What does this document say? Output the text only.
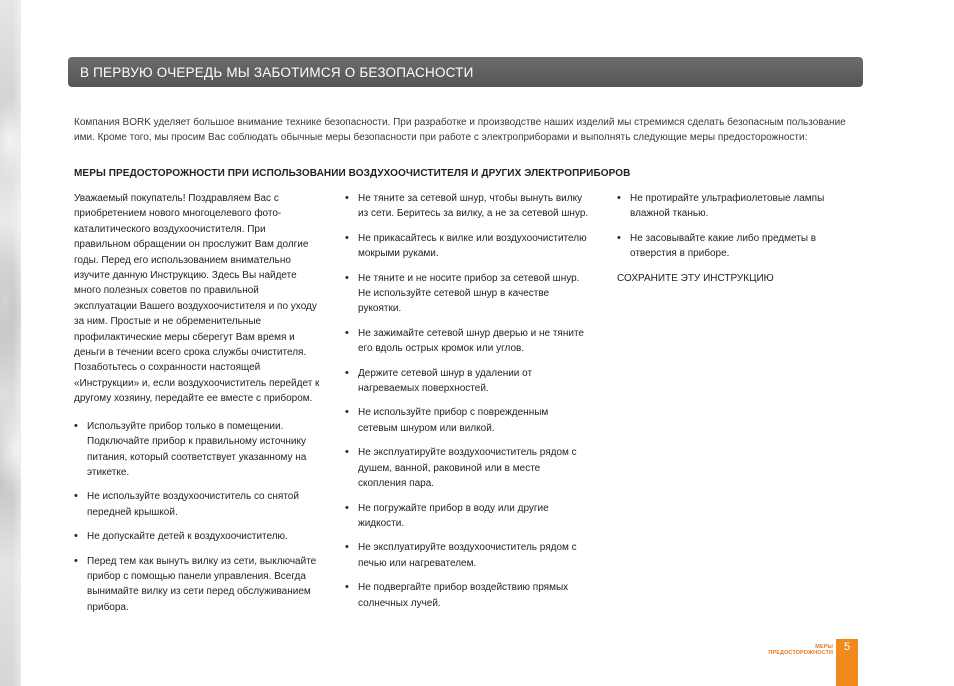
В ПЕРВУЮ ОЧЕРЕДЬ МЫ ЗАБОТИМСЯ О БЕЗОПАСНОСТИ

Компания BORK уделяет большое внимание технике безопасности. При разработке и производстве наших изделий мы стремимся сделать безопасным пользование ими. Кроме того, мы просим Вас соблюдать обычные меры безопасности при работе с электроприборами и выполнять следующие меры предосторожности:

МЕРЫ ПРЕДОСТОРОЖНОСТИ ПРИ ИСПОЛЬЗОВАНИИ ВОЗДУХООЧИСТИТЕЛЯ И ДРУГИХ ЭЛЕКТРОПРИБОРОВ

Уважаемый покупатель! Поздравляем Вас с приобретением нового многоцелевого фото-каталитического воздухоочистителя. При правильном обращении он прослужит Вам долгие годы. Перед его использованием внимательно изучите данную Инструкцию. Здесь Вы найдете много полезных советов по правильной эксплуатации Вашего воздухоочистителя и по уходу за ним. Простые и не обременительные профилактические меры сберегут Вам время и деньги в течении всего срока службы очистителя. Позаботьтесь о сохранности настоящей «Инструкции» и, если воздухоочиститель перейдет к другому хозяину, передайте ее вместе с прибором.

• Используйте прибор только в помещении. Подключайте прибор к правильному источнику питания, который соответствует указанному на этикетке.
• Не используйте воздухоочиститель со снятой передней крышкой.
• Не допускайте детей к воздухоочистителю.
• Перед тем как вынуть вилку из сети, выключайте прибор с помощью панели управления. Всегда вынимайте вилку из сети перед обслуживанием прибора.
• Не тяните за сетевой шнур, чтобы вынуть вилку из сети. Беритесь за вилку, а не за сетевой шнур.
• Не прикасайтесь к вилке или воздухоочистителю мокрыми руками.
• Не тяните и не носите прибор за сетевой шнур. Не используйте сетевой шнур в качестве рукоятки.
• Не зажимайте сетевой шнур дверью и не тяните его вдоль острых кромок или углов.
• Держите сетевой шнур в удалении от нагреваемых поверхностей.
• Не используйте прибор с поврежденным сетевым шнуром или вилкой.
• Не эксплуатируйте воздухоочиститель рядом с душем, ванной, раковиной или в месте скопления пара.
• Не погружайте прибор в воду или другие жидкости.
• Не эксплуатируйте воздухоочиститель рядом с печью или нагревателем.
• Не подвергайте прибор воздействию прямых солнечных лучей.
• Не протирайте ультрафиолетовые лампы влажной тканью.
• Не засовывайте какие либо предметы в отверстия в приборе.
СОХРАНИТЕ ЭТУ ИНСТРУКЦИЮ
МЕРЫ ПРЕДОСТОРОЖНОСТИ 5
